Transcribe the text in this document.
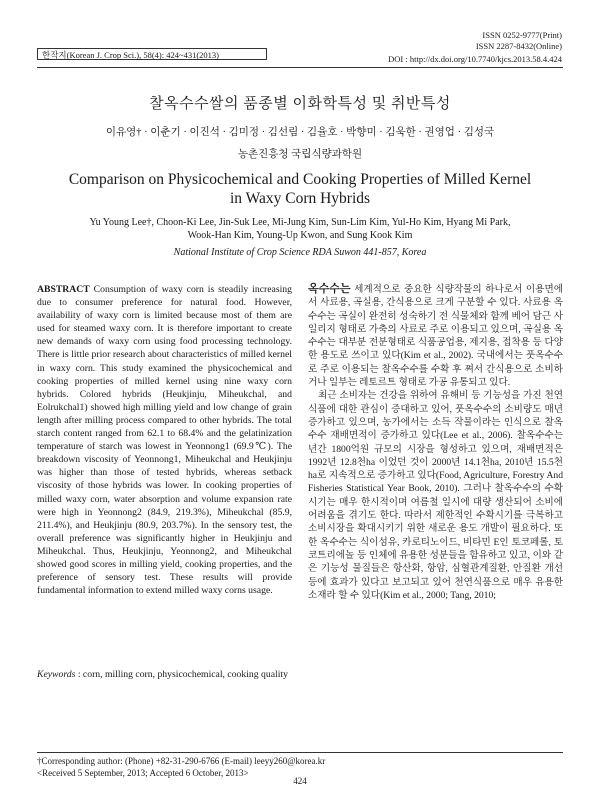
한작지(Korean J. Crop Sci.), 58(4): 424~431(2013)
ISSN 0252-9777(Print)
ISSN 2287-8432(Online)
DOI : http://dx.doi.org/10.7740/kjcs.2013.58.4.424
찰옥수수쌀의 품종별 이화학특성 및 취반특성
이유영† · 이춘기 · 이진석 · 김미정 · 김선림 · 김율호 · 박향미 · 김욱한 · 권영업 · 김성국
농촌진흥청 국립식량과학원
Comparison on Physicochemical and Cooking Properties of Milled Kernel
in Waxy Corn Hybrids
Yu Young Lee†, Choon-Ki Lee, Jin-Suk Lee, Mi-Jung Kim, Sun-Lim Kim, Yul-Ho Kim, Hyang Mi Park,
Wook-Han Kim, Young-Up Kwon, and Sung Kook Kim
National Institute of Crop Science RDA Suwon 441-857, Korea
ABSTRACT Consumption of waxy corn is steadily increasing due to consumer preference for natural food. However, availability of waxy corn is limited because most of them are used for steamed waxy corn. It is therefore important to create new demands of waxy corn using food processing technology. There is little prior research about characteristics of milled kernel in waxy corn. This study examined the physicochemical and cooking properties of milled kernel using nine waxy corn hybrids. Colored hybrids (Heukjinju, Miheukchal, and Eolrukchal1) showed high milling yield and low change of grain length after milling process compared to other hybrids. The total starch content ranged from 62.1 to 68.4% and the gelatinization temperature of starch was lowest in Yeonnong1 (69.9℃). The breakdown viscosity of Yeonnong1, Miheukchal and Heukjinju was higher than those of tested hybrids, whereas setback viscosity of those hybrids was lower. In cooking properties of milled waxy corn, water absorption and volume expansion rate were high in Yeonnong2 (84.9, 219.3%), Miheukchal (85.9, 211.4%), and Heukjinju (80.9, 203.7%). In the sensory test, the overall preference was significantly higher in Heukjinju and Miheukchal. Thus, Heukjinju, Yeonnong2, and Miheukchal showed good scores in milling yield, cooking properties, and the preference of sensory test. These results will provide fundamental information to extend milled waxy corns usage.
Keywords : corn, milling corn, physicochemical, cooking quality

옥수수는 세계적으로 중요한 식량작물의 하나로서 이용면에서 사료용, 곡실용, 간식용으로 크게 구분할 수 있다. 사료용 옥수수는 곡실이 완전히 성숙하기 전 식물체와 함께 베어 담근 사일리지 형태로 가축의 사료로 주로 이용되고 있으며, 곡실용 옥수수는 대부분 전분형태로 식품공업용, 제지용, 접착용 등 다양한 용도로 쓰이고 있다(Kim et al., 2002). 국내에서는 풋옥수수로 주로 이용되는 찰옥수수를 수확 후 쪄서 간식용으로 소비하거나 일부는 레토르트 형태로 가공 유통되고 있다.

최근 소비자는 건강을 위하여 유해비 등 기능성을 가진 천연식품에 대한 관심이 증대하고 있어, 풋옥수수의 소비량도 매년 증가하고 있으며, 농가에서는 소득 작물이라는 인식으로 찰옥수수 재배면적이 증가하고 있다(Lee et al., 2006). 찰옥수수는 년간 1800억원 규모의 시장을 형성하고 있으며, 재배면적은 1992년 12.8천ha 이었던 것이 2000년 14.1천ha, 2010년 15.5천ha로 지속적으로 증가하고 있다(Food, Agriculture, Forestry And Fisheries Statistical Year Book, 2010). 그러나 찰옥수수의 수확 시기는 매우 한시적이며 여름철 일시에 대량 생산되어 소비에 어려움을 겪기도 한다. 따라서 제한적인 수확시기를 극복하고 소비시장을 확대시키기 위한 새로운 용도 개발이 필요하다. 또한 옥수수는 식이섬유, 카로티노이드, 비타민 E인 토코페롤, 토코트리에놀 등 인체에 유용한 성분들을 함유하고 있고, 이와 같은 기능성 물질들은 항산화, 항암, 심혈관계질환, 안질환 개선 등에 효과가 있다고 보고되고 있어 천연식품으로 매우 유용한 소재라 할 수 있다(Kim et al., 2000; Tang, 2010;

†Corresponding author: (Phone) +82-31-290-6766 (E-mail) leeyy260@korea.kr
<Received 5 September, 2013; Accepted 6 October, 2013>
424
